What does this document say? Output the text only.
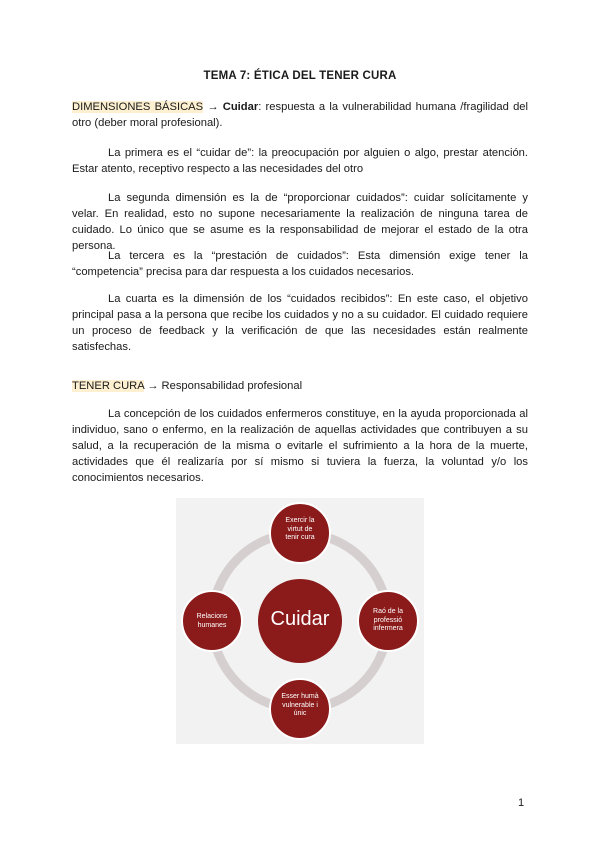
TEMA 7: ÉTICA DEL TENER CURA
DIMENSIONES BÁSICAS → Cuidar: respuesta a la vulnerabilidad humana /fragilidad del otro (deber moral profesional).
La primera es el “cuidar de”: la preocupación por alguien o algo, prestar atención. Estar atento, receptivo respecto a las necesidades del otro
La segunda dimensión es la de “proporcionar cuidados”: cuidar solícitamente y velar. En realidad, esto no supone necesariamente la realización de ninguna tarea de cuidado. Lo único que se asume es la responsabilidad de mejorar el estado de la otra persona.
La tercera es la “prestación de cuidados”: Esta dimensión exige tener la “competencia” precisa para dar respuesta a los cuidados necesarios.
La cuarta es la dimensión de los “cuidados recibidos”: En este caso, el objetivo principal pasa a la persona que recibe los cuidados y no a su cuidador. El cuidado requiere un proceso de feedback y la verificación de que las necesidades están realmente satisfechas.
TENER CURA → Responsabilidad profesional
La concepción de los cuidados enfermeros constituye, en la ayuda proporcionada al individuo, sano o enfermo, en la realización de aquellas actividades que contribuyen a su salud, a la recuperación de la misma o evitarle el sufrimiento a la hora de la muerte, actividades que él realizaría por sí mismo si tuviera la fuerza, la voluntad y/o los conocimientos necesarios.
Cuidar
Exercir la virtut de tenir cura
Raó de la professió infermera
Esser humà vulnerable i únic
Relacions humanes
1
